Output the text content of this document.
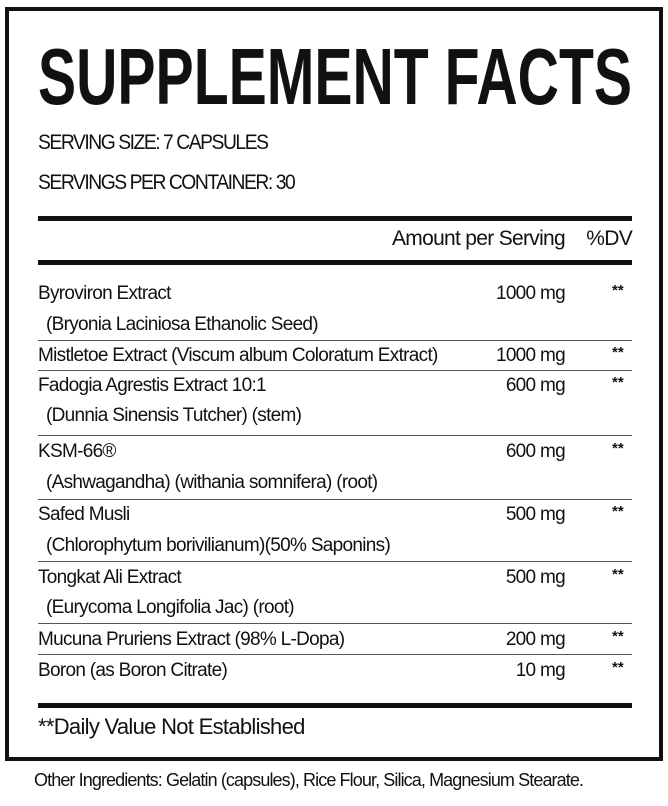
SUPPLEMENT FACTS
SERVING SIZE: 7 CAPSULES
SERVINGS PER CONTAINER: 30
Amount per Serving %DV
Byroviron Extract
(Bryonia Laciniosa Ethanolic Seed)
1000 mg	**
Mistletoe Extract (Viscum album Coloratum Extract)	1000 mg	**
Fadogia Agrestis Extract 10:1
(Dunnia Sinensis Tutcher) (stem)
600 mg	**
KSM-66®
(Ashwagandha) (withania somnifera) (root)
600 mg	**
Safed Musli
(Chlorophytum borivilianum)(50% Saponins)
500 mg	**
Tongkat Ali Extract
(Eurycoma Longifolia Jac) (root)
500 mg	**
Mucuna Pruriens Extract (98% L-Dopa)	200 mg	**
Boron (as Boron Citrate)	10 mg	**
**Daily Value Not Established
Other Ingredients: Gelatin (capsules), Rice Flour, Silica, Magnesium Stearate.
